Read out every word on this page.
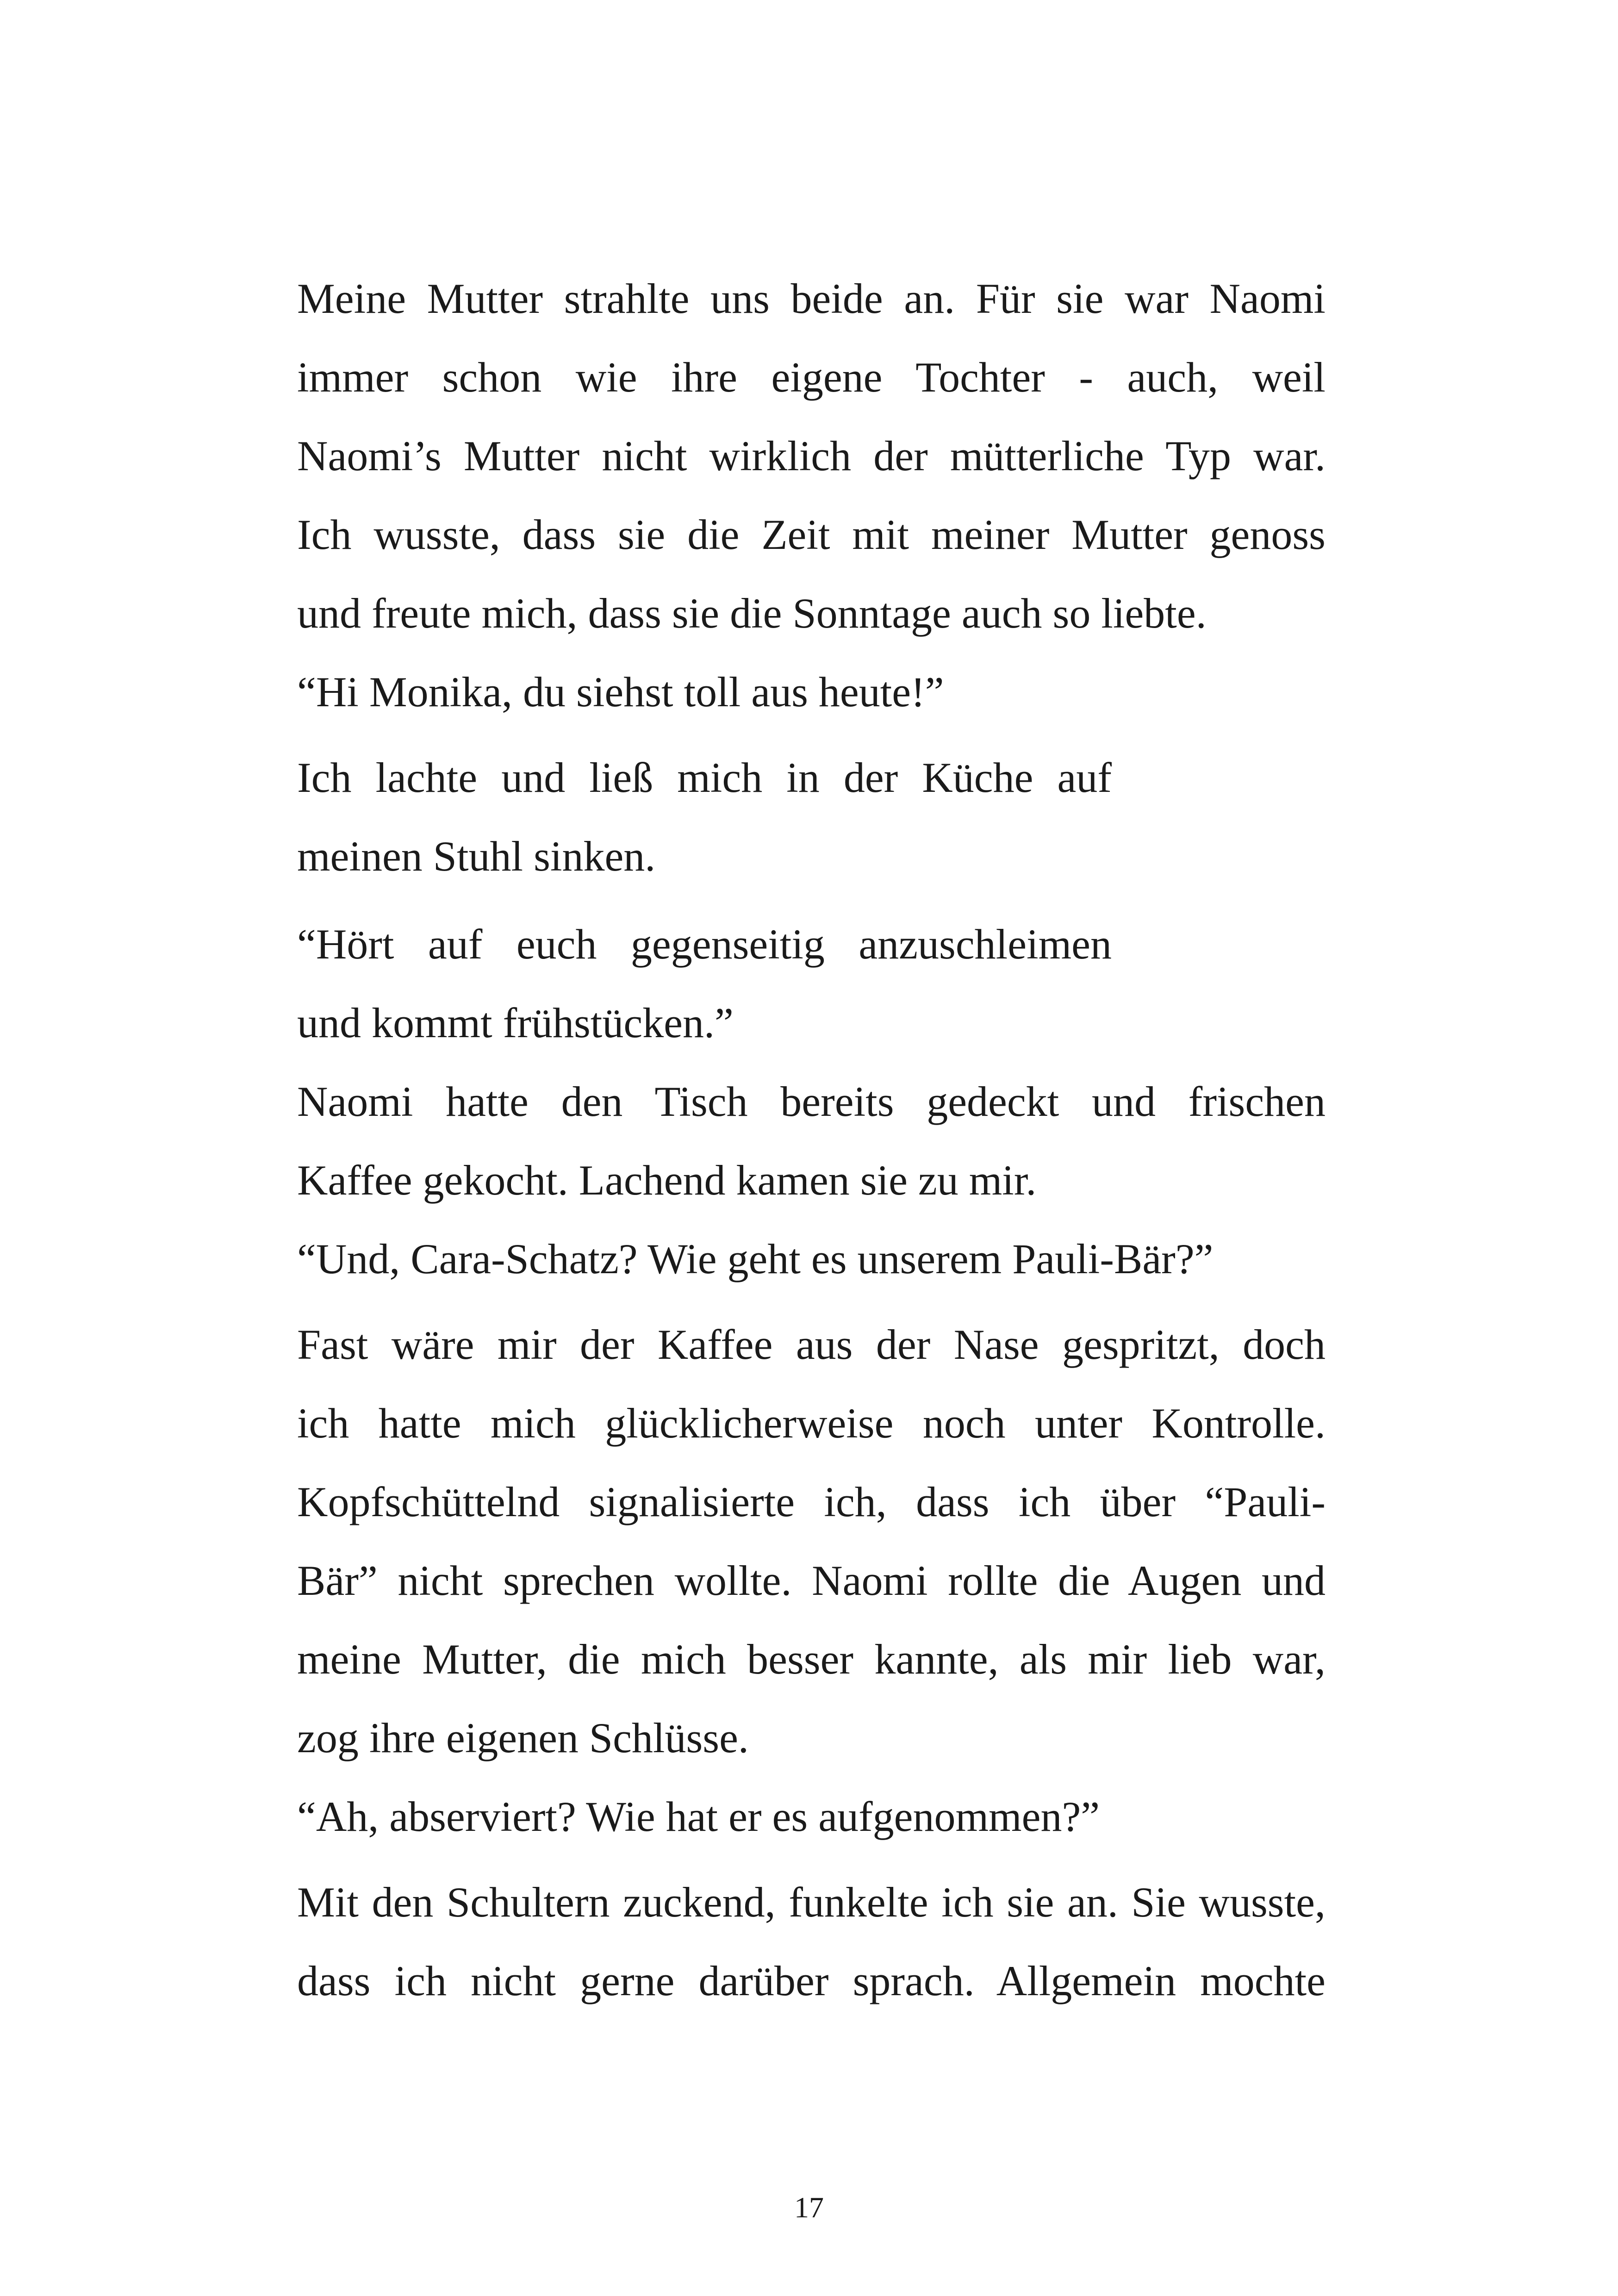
Meine Mutter strahlte uns beide an. Für sie war Naomi
immer schon wie ihre eigene Tochter - auch, weil
Naomi’s Mutter nicht wirklich der mütterliche Typ war.
Ich wusste, dass sie die Zeit mit meiner Mutter genoss
und freute mich, dass sie die Sonntage auch so liebte.
“Hi Monika, du siehst toll aus heute!”
Ich lachte und ließ mich in der Küche auf
meinen Stuhl sinken.
“Hört auf euch gegenseitig anzuschleimen
und kommt frühstücken.”
Naomi hatte den Tisch bereits gedeckt und frischen
Kaffee gekocht. Lachend kamen sie zu mir.
“Und, Cara-Schatz? Wie geht es unserem Pauli-Bär?”
Fast wäre mir der Kaffee aus der Nase gespritzt, doch
ich hatte mich glücklicherweise noch unter Kontrolle.
Kopfschüttelnd signalisierte ich, dass ich über “Pauli-
Bär” nicht sprechen wollte. Naomi rollte die Augen und
meine Mutter, die mich besser kannte, als mir lieb war,
zog ihre eigenen Schlüsse.
“Ah, abserviert? Wie hat er es aufgenommen?”
Mit den Schultern zuckend, funkelte ich sie an. Sie wusste,
dass ich nicht gerne darüber sprach. Allgemein mochte
17
